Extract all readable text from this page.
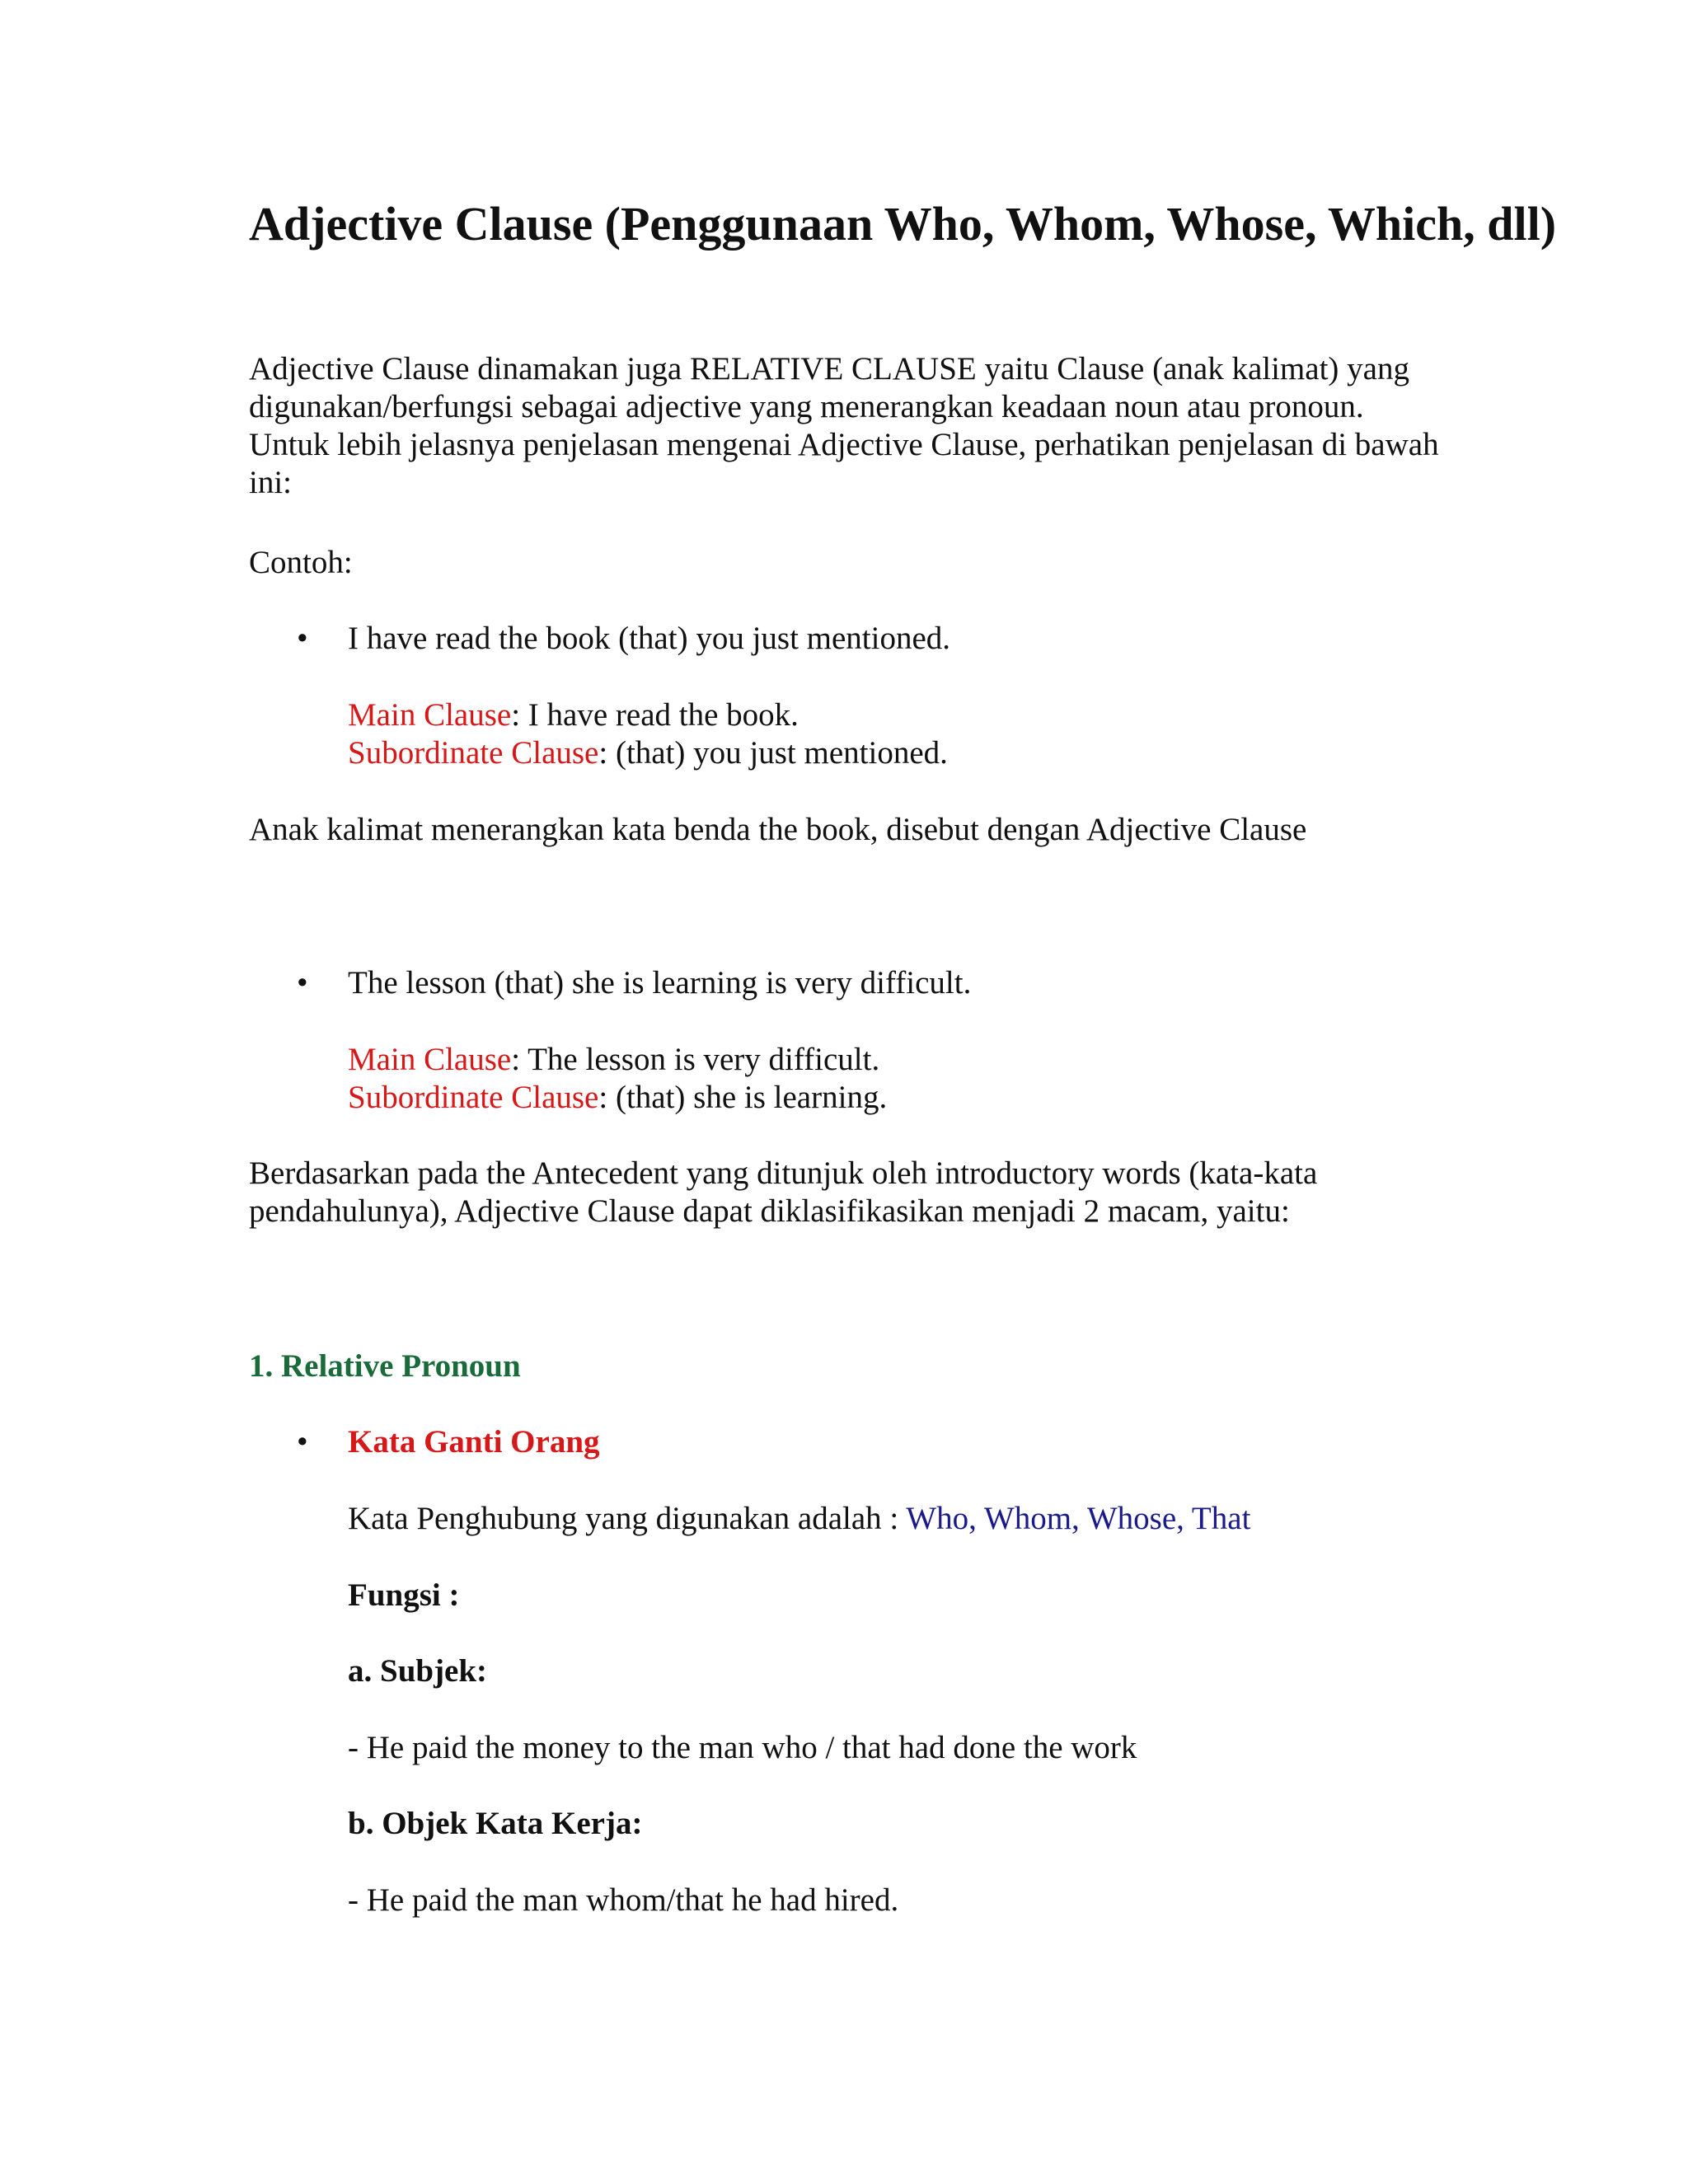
Adjective Clause (Penggunaan Who, Whom, Whose, Which, dll)

Adjective Clause dinamakan juga RELATIVE CLAUSE yaitu Clause (anak kalimat) yang digunakan/berfungsi sebagai adjective yang menerangkan keadaan noun atau pronoun. Untuk lebih jelasnya penjelasan mengenai Adjective Clause, perhatikan penjelasan di bawah ini:

Contoh:

• I have read the book (that) you just mentioned.

Main Clause: I have read the book.

Subordinate Clause: (that) you just mentioned.

Anak kalimat menerangkan kata benda the book, disebut dengan Adjective Clause

• The lesson (that) she is learning is very difficult.

Main Clause: The lesson is very difficult.

Subordinate Clause: (that) she is learning.

Berdasarkan pada the Antecedent yang ditunjuk oleh introductory words (kata-kata pendahulunya), Adjective Clause dapat diklasifikasikan menjadi 2 macam, yaitu:

1. Relative Pronoun

• Kata Ganti Orang

Kata Penghubung yang digunakan adalah : Who, Whom, Whose, That

Fungsi :

a. Subjek:

- He paid the money to the man who / that had done the work

b. Objek Kata Kerja:

- He paid the man whom/that he had hired.
